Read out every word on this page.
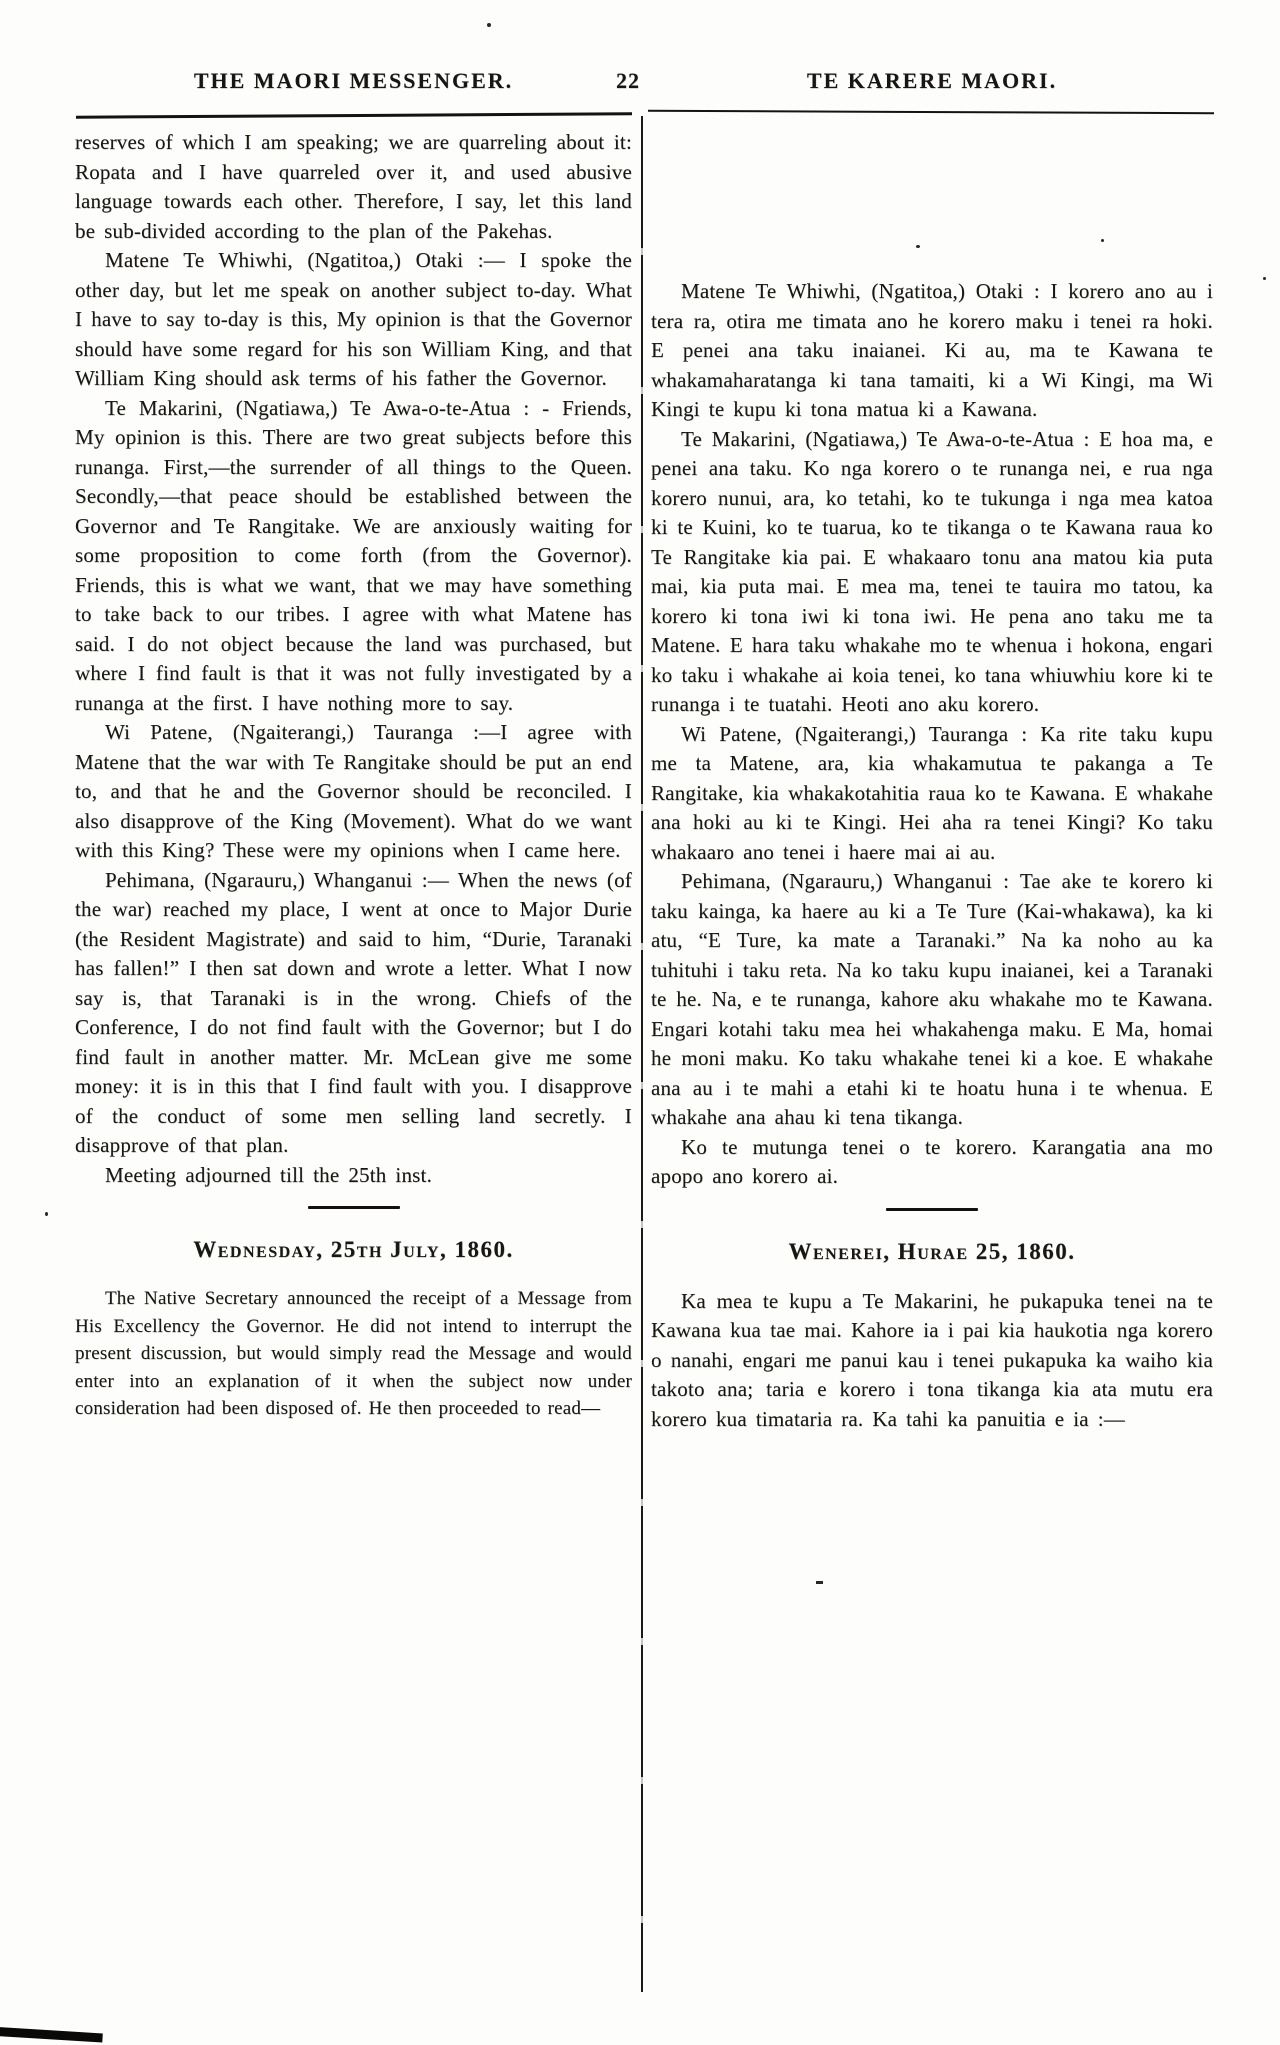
THE MAORI MESSENGER.	22	TE KARERE MAORI.

reserves of which I am speaking; we are quarreling about it: Ropata and I have quarreled over it, and used abusive language towards each other. Therefore, I say, let this land be sub-divided according to the plan of the Pakehas.

Matene Te Whiwhi, (Ngatitoa,) Otaki :— I spoke the other day, but let me speak on another subject to-day. What I have to say to-day is this, My opinion is that the Governor should have some regard for his son William King, and that William King should ask terms of his father the Governor.

Te Makarini, (Ngatiawa,) Te Awa-o-te-Atua : - Friends, My opinion is this. There are two great subjects before this runanga. First,—the surrender of all things to the Queen. Secondly,—that peace should be established between the Governor and Te Rangitake. We are anxiously waiting for some proposition to come forth (from the Governor). Friends, this is what we want, that we may have something to take back to our tribes. I agree with what Matene has said. I do not object because the land was purchased, but where I find fault is that it was not fully investigated by a runanga at the first. I have nothing more to say.

Wi Patene, (Ngaiterangi,) Tauranga :—I agree with Matene that the war with Te Rangitake should be put an end to, and that he and the Governor should be reconciled. I also disapprove of the King (Movement). What do we want with this King? These were my opinions when I came here.

Pehimana, (Ngarauru,) Whanganui :— When the news (of the war) reached my place, I went at once to Major Durie (the Resident Magistrate) and said to him, “Durie, Taranaki has fallen!” I then sat down and wrote a letter. What I now say is, that Taranaki is in the wrong. Chiefs of the Conference, I do not find fault with the Governor; but I do find fault in another matter. Mr. McLean give me some money: it is in this that I find fault with you. I disapprove of the conduct of some men selling land secretly. I disapprove of that plan.

Meeting adjourned till the 25th inst.

Wednesday, 25th July, 1860.

The Native Secretary announced the receipt of a Message from His Excellency the Governor. He did not intend to interrupt the present discussion, but would simply read the Message and would enter into an explanation of it when the subject now under consideration had been disposed of. He then proceeded to read—

Matene Te Whiwhi, (Ngatitoa,) Otaki : I korero ano au i tera ra, otira me timata ano he korero maku i tenei ra hoki. E penei ana taku inaianei. Ki au, ma te Kawana te whakamaharatanga ki tana tamaiti, ki a Wi Kingi, ma Wi Kingi te kupu ki tona matua ki a Kawana.

Te Makarini, (Ngatiawa,) Te Awa-o-te-Atua : E hoa ma, e penei ana taku. Ko nga korero o te runanga nei, e rua nga korero nunui, ara, ko tetahi, ko te tukunga i nga mea katoa ki te Kuini, ko te tuarua, ko te tikanga o te Kawana raua ko Te Rangitake kia pai. E whakaaro tonu ana matou kia puta mai, kia puta mai. E mea ma, tenei te tauira mo tatou, ka korero ki tona iwi ki tona iwi. He pena ano taku me ta Matene. E hara taku whakahe mo te whenua i hokona, engari ko taku i whakahe ai koia tenei, ko tana whiuwhiu kore ki te runanga i te tuatahi. Heoti ano aku korero.

Wi Patene, (Ngaiterangi,) Tauranga : Ka rite taku kupu me ta Matene, ara, kia whakamutua te pakanga a Te Rangitake, kia whakakotahitia raua ko te Kawana. E whakahe ana hoki au ki te Kingi. Hei aha ra tenei Kingi? Ko taku whakaaro ano tenei i haere mai ai au.

Pehimana, (Ngarauru,) Whanganui : Tae ake te korero ki taku kainga, ka haere au ki a Te Ture (Kai-whakawa), ka ki atu, “E Ture, ka mate a Taranaki.” Na ka noho au ka tuhituhi i taku reta. Na ko taku kupu inaianei, kei a Taranaki te he. Na, e te runanga, kahore aku whakahe mo te Kawana. Engari kotahi taku mea hei whakahenga maku. E Ma, homai he moni maku. Ko taku whakahe tenei ki a koe. E whakahe ana au i te mahi a etahi ki te hoatu huna i te whenua. E whakahe ana ahau ki tena tikanga.

Ko te mutunga tenei o te korero. Karangatia ana mo apopo ano korero ai.

Wenerei, Hurae 25, 1860.

Ka mea te kupu a Te Makarini, he pukapuka tenei na te Kawana kua tae mai. Kahore ia i pai kia haukotia nga korero o nanahi, engari me panui kau i tenei pukapuka ka waiho kia takoto ana; taria e korero i tona tikanga kia ata mutu era korero kua timataria ra. Ka tahi ka panuitia e ia :—
